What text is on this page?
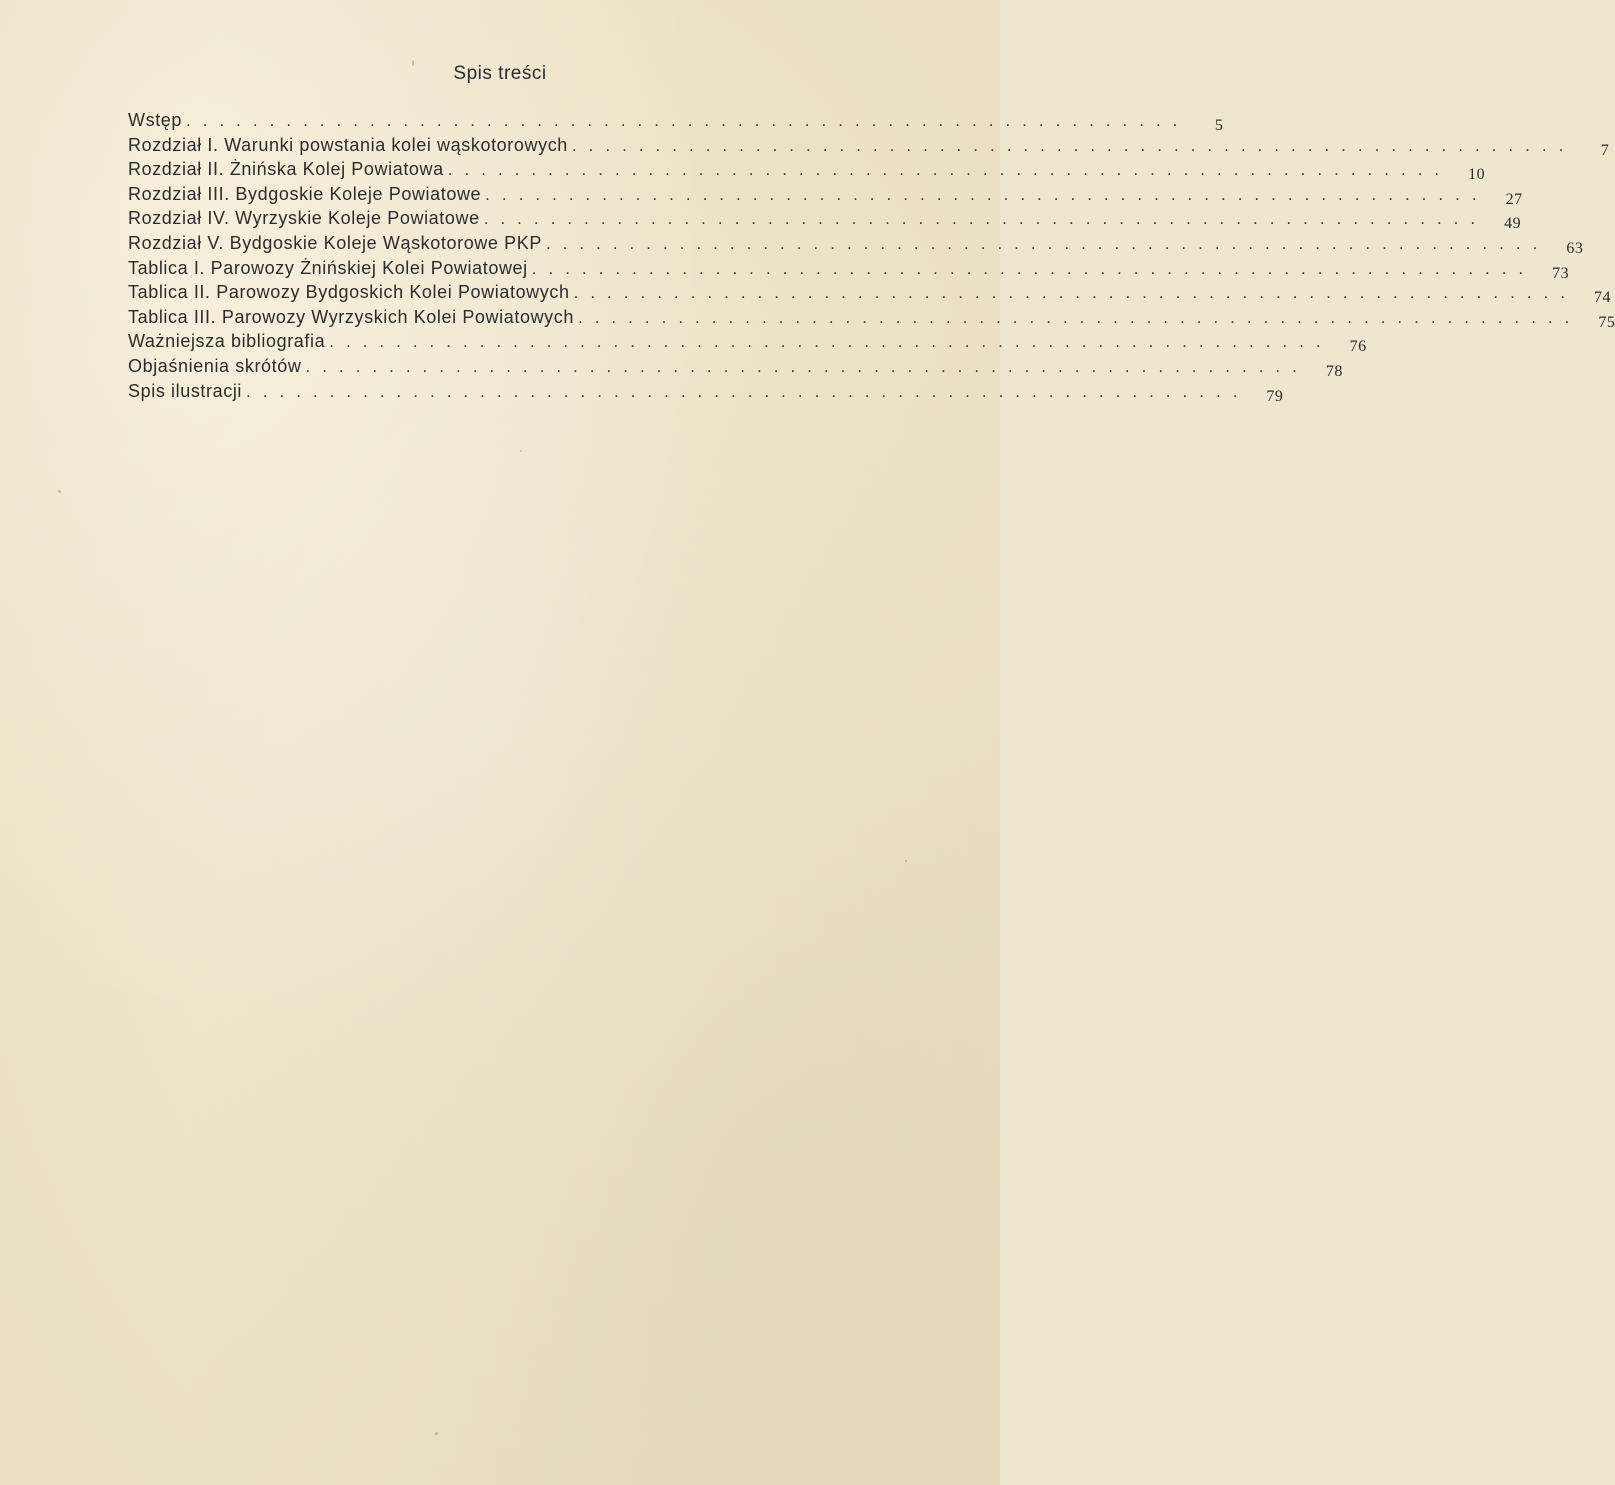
Spis treści
Wstęp ............................................................	5
Rozdział I. Warunki powstania kolei wąskotorowych ............................................................	7
Rozdział II. Żnińska Kolej Powiatowa ............................................................	10
Rozdział III. Bydgoskie Koleje Powiatowe ............................................................	27
Rozdział IV. Wyrzyskie Koleje Powiatowe ............................................................	49
Rozdział V. Bydgoskie Koleje Wąskotorowe PKP ............................................................	63
Tablica I. Parowozy Żnińskiej Kolei Powiatowej ............................................................	73
Tablica II. Parowozy Bydgoskich Kolei Powiatowych ............................................................	74
Tablica III. Parowozy Wyrzyskich Kolei Powiatowych ............................................................	75
Ważniejsza bibliografia ............................................................	76
Objaśnienia skrótów ............................................................	78
Spis ilustracji ............................................................	79
